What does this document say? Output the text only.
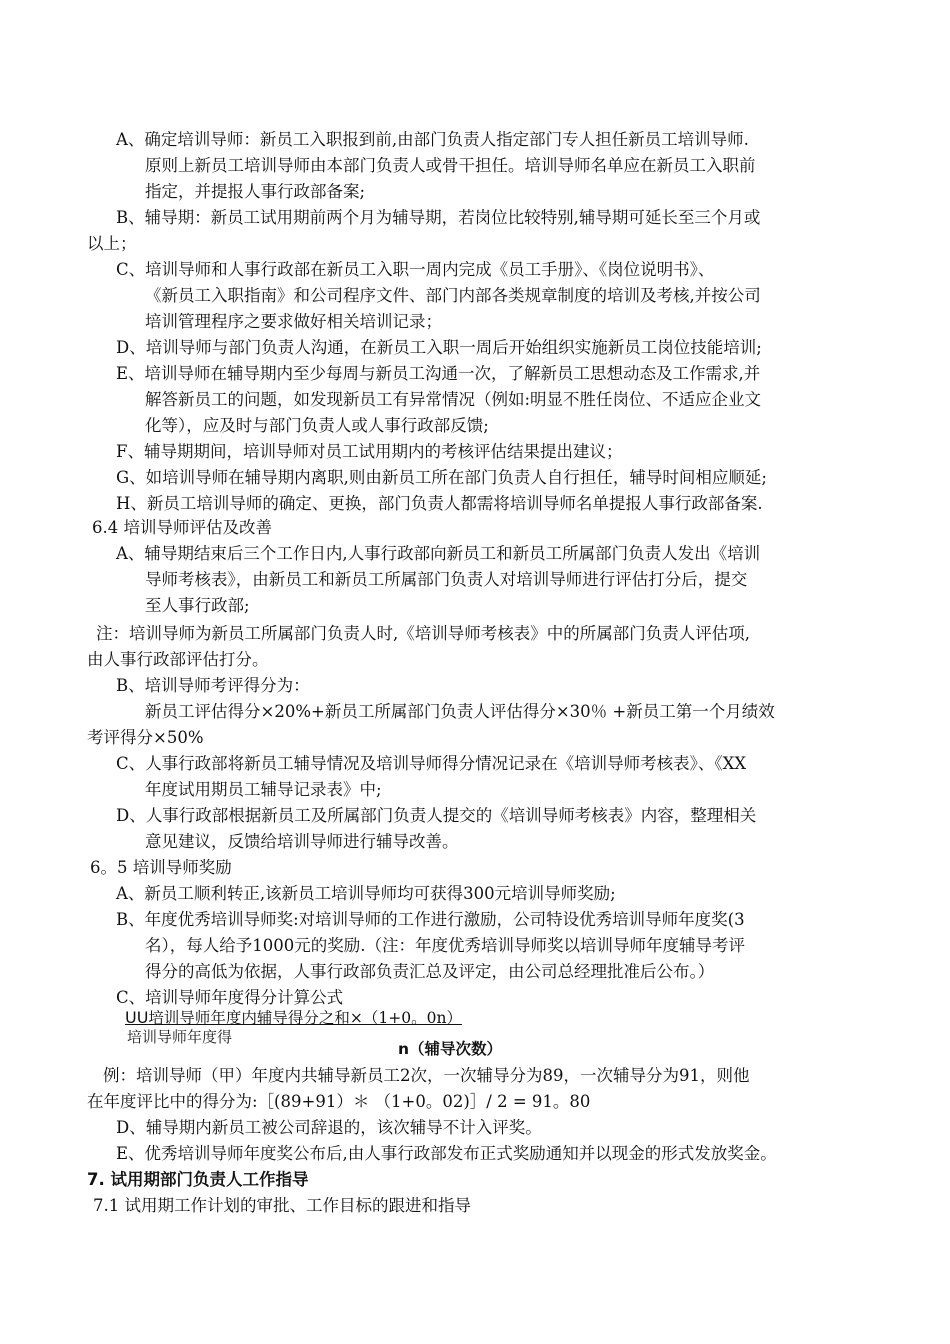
A、确定培训导师：新员工入职报到前,由部门负责人指定部门专人担任新员工培训导师.
原则上新员工培训导师由本部门负责人或骨干担任。培训导师名单应在新员工入职前
指定，并提报人事行政部备案;
B、辅导期：新员工试用期前两个月为辅导期，若岗位比较特别,辅导期可延长至三个月或
以上；
C、培训导师和人事行政部在新员工入职一周内完成《员工手册》、《岗位说明书》、
《新员工入职指南》和公司程序文件、部门内部各类规章制度的培训及考核,并按公司
培训管理程序之要求做好相关培训记录；
D、培训导师与部门负责人沟通，在新员工入职一周后开始组织实施新员工岗位技能培训;
E、培训导师在辅导期内至少每周与新员工沟通一次，了解新员工思想动态及工作需求,并
解答新员工的问题，如发现新员工有异常情况（例如:明显不胜任岗位、不适应企业文
化等），应及时与部门负责人或人事行政部反馈;
F、辅导期期间，培训导师对员工试用期内的考核评估结果提出建议；
G、如培训导师在辅导期内离职,则由新员工所在部门负责人自行担任，辅导时间相应顺延;
H、新员工培训导师的确定、更换，部门负责人都需将培训导师名单提报人事行政部备案.
6.4 培训导师评估及改善
A、辅导期结束后三个工作日内,人事行政部向新员工和新员工所属部门负责人发出《培训
导师考核表》，由新员工和新员工所属部门负责人对培训导师进行评估打分后，提交
至人事行政部;
注：培训导师为新员工所属部门负责人时,《培训导师考核表》中的所属部门负责人评估项,
由人事行政部评估打分。
B、培训导师考评得分为：
新员工评估得分×20%+新员工所属部门负责人评估得分×30％ +新员工第一个月绩效
考评得分×50%
C、人事行政部将新员工辅导情况及培训导师得分情况记录在《培训导师考核表》、《XX
年度试用期员工辅导记录表》中;
D、人事行政部根据新员工及所属部门负责人提交的《培训导师考核表》内容，整理相关
意见建议，反馈给培训导师进行辅导改善。
6。5 培训导师奖励
A、新员工顺利转正,该新员工培训导师均可获得300元培训导师奖励;
B、年度优秀培训导师奖:对培训导师的工作进行激励，公司特设优秀培训导师年度奖(3
名），每人给予1000元的奖励.（注：年度优秀培训导师奖以培训导师年度辅导考评
得分的高低为依据，人事行政部负责汇总及评定，由公司总经理批准后公布。）
C、培训导师年度得分计算公式
UU培训导师年度内辅导得分之和×（1+0。0n）
培训导师年度得
n（辅导次数）
例：培训导师（甲）年度内共辅导新员工2次，一次辅导分为89，一次辅导分为91，则他
在年度评比中的得分为:［(89+91）＊ （1+0。02)］/ 2 = 91。80
D、辅导期内新员工被公司辞退的，该次辅导不计入评奖。
E、优秀培训导师年度奖公布后,由人事行政部发布正式奖励通知并以现金的形式发放奖金。
7. 试用期部门负责人工作指导
7.1 试用期工作计划的审批、工作目标的跟进和指导
